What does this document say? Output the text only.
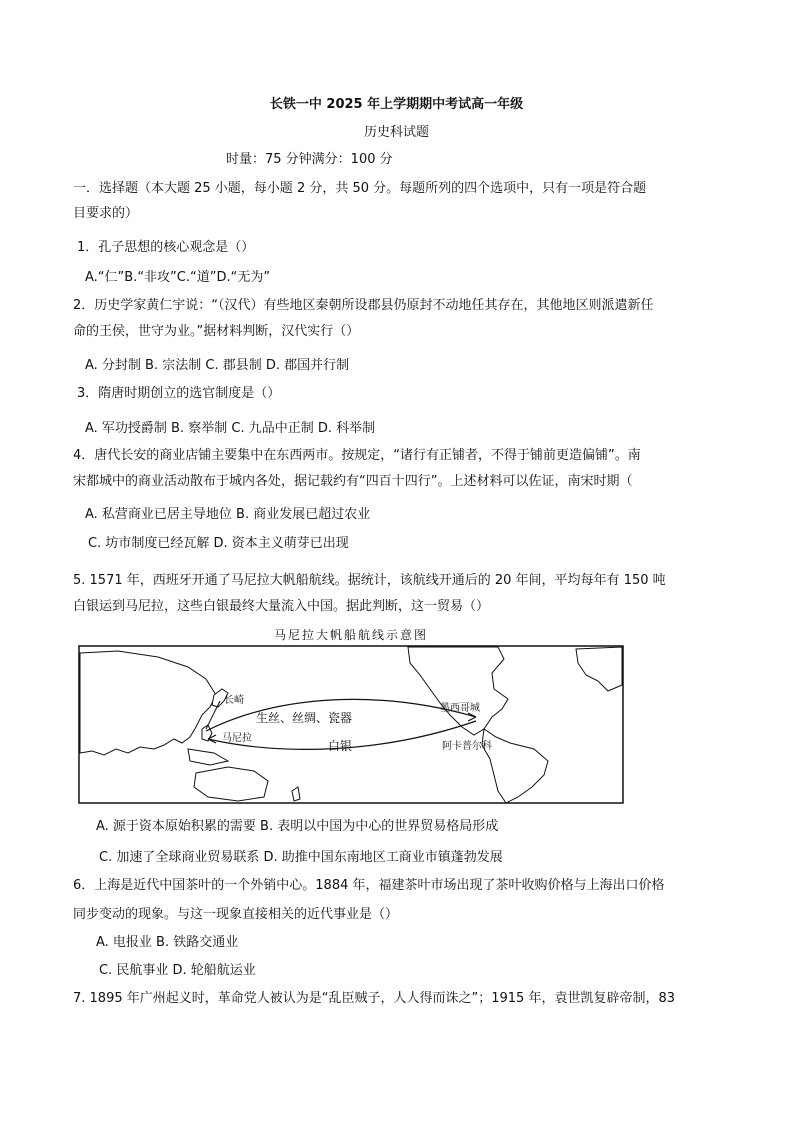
长铁一中 2025 年上学期期中考试高一年级
历史科试题
时量：75 分钟满分：100 分
一．选择题（本大题 25 小题，每小题 2 分，共 50 分。每题所列的四个选项中，只有一项是符合题
目要求的）
1．孔子思想的核心观念是（）
A.“仁”B.“非攻”C.“道”D.“无为”
2．历史学家黄仁宇说：“（汉代）有些地区秦朝所设郡县仍原封不动地任其存在，其他地区则派遣新任
命的王侯，世守为业。”据材料判断，汉代实行（）
A. 分封制 B. 宗法制 C. 郡县制 D. 郡国并行制
3．隋唐时期创立的选官制度是（）
A. 军功授爵制 B. 察举制 C. 九品中正制 D. 科举制
4．唐代长安的商业店铺主要集中在东西两市。按规定，“诸行有正铺者，不得于铺前更造偏铺”。南
宋都城中的商业活动散布于城内各处，据记载约有“四百十四行”。上述材料可以佐证，南宋时期（
A. 私营商业已居主导地位 B. 商业发展已超过农业
C. 坊市制度已经瓦解 D. 资本主义萌芽已出现
5. 1571 年，西班牙开通了马尼拉大帆船航线。据统计，该航线开通后的 20 年间，平均每年有 150 吨
白银运到马尼拉，这些白银最终大量流入中国。据此判断，这一贸易（）
马尼拉大帆船航线示意图
长崎
马尼拉
生丝、丝绸、瓷器
白银
墨西哥城
阿卡普尔科
A. 源于资本原始积累的需要 B. 表明以中国为中心的世界贸易格局形成
C. 加速了全球商业贸易联系 D. 助推中国东南地区工商业市镇蓬勃发展
6．上海是近代中国茶叶的一个外销中心。1884 年，福建茶叶市场出现了茶叶收购价格与上海出口价格
同步变动的现象。与这一现象直接相关的近代事业是（）
A. 电报业 B. 铁路交通业
C. 民航事业 D. 轮船航运业
7. 1895 年广州起义时，革命党人被认为是“乱臣贼子，人人得而诛之”；1915 年，袁世凯复辟帝制，83
